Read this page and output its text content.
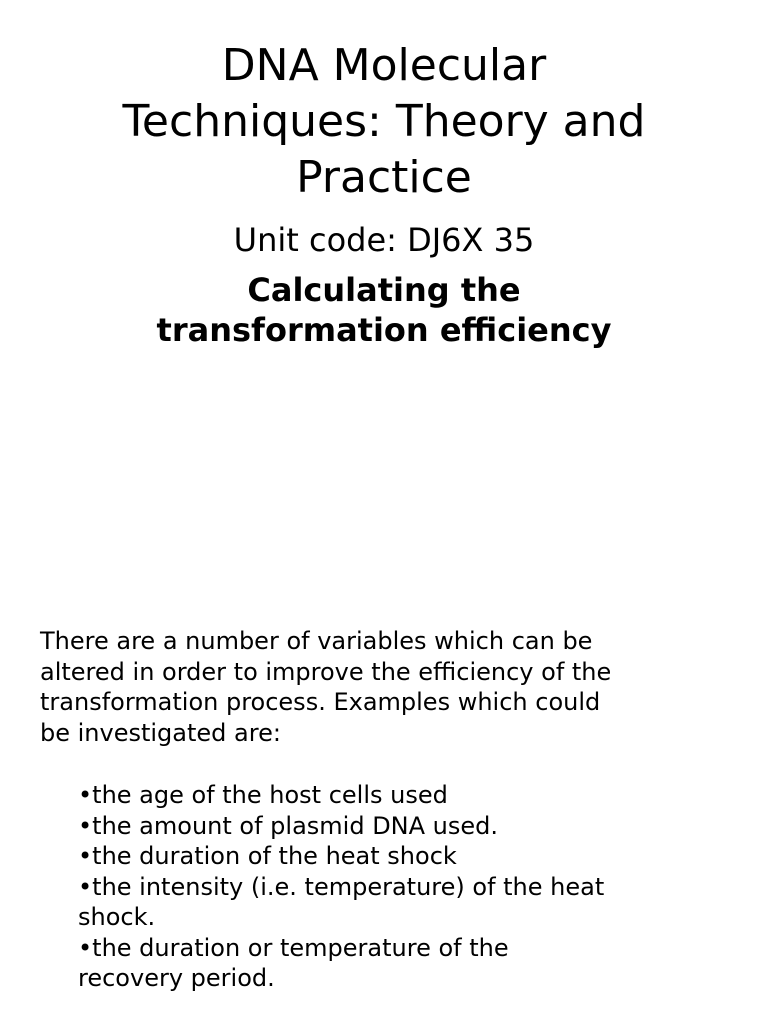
DNA Molecular
Techniques: Theory and
Practice

Unit code: DJ6X 35

Calculating the
transformation efficiency

There are a number of variables which can be
altered in order to improve the efficiency of the
transformation process. Examples which could
be investigated are:

•the age of the host cells used
•the amount of plasmid DNA used.
•the duration of the heat shock
•the intensity (i.e. temperature) of the heat
shock.
•the duration or temperature of the
recovery period.
